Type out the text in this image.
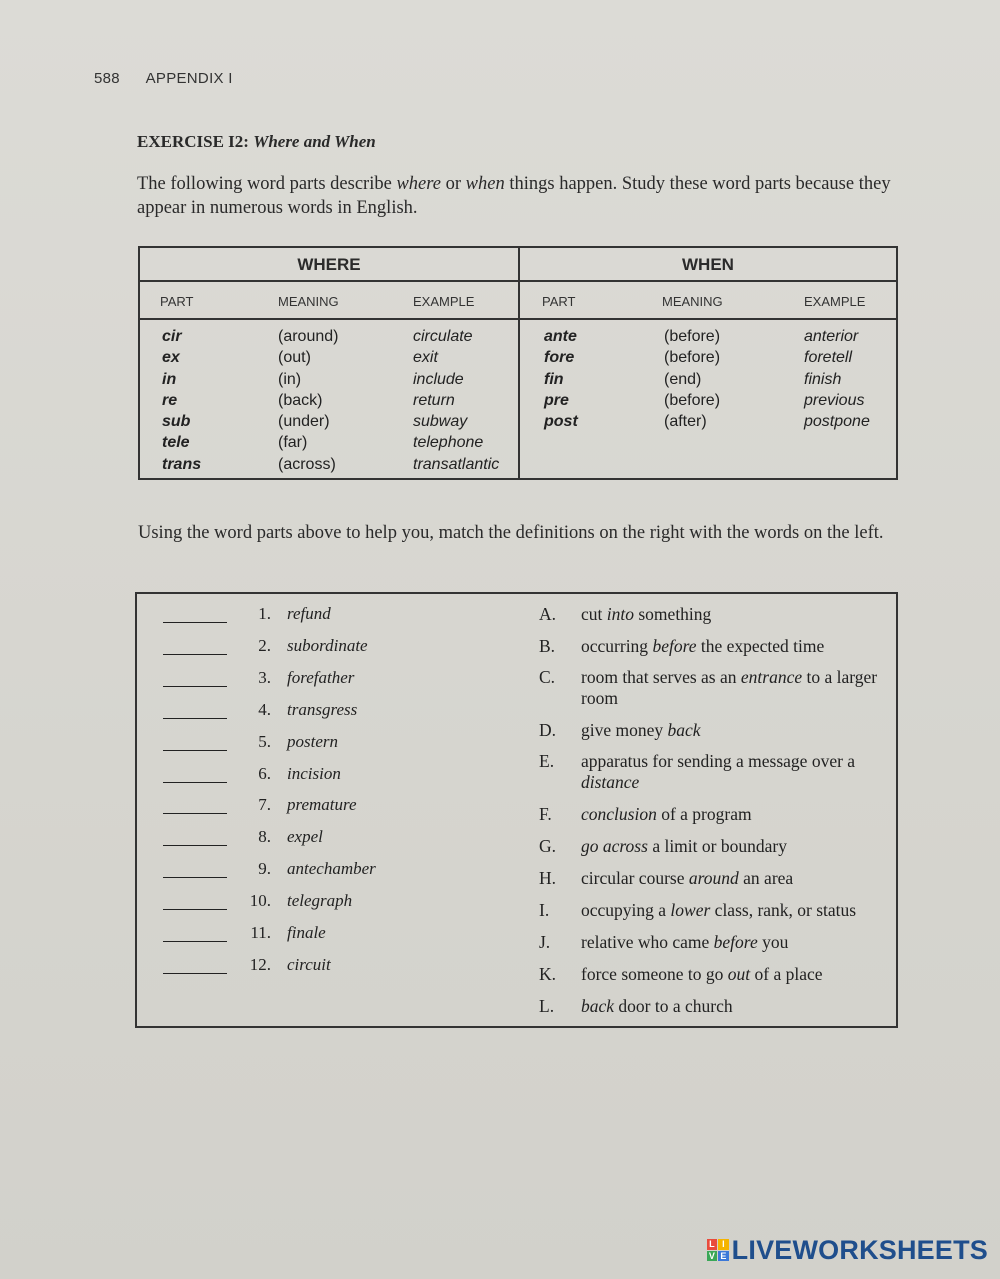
588 APPENDIX I
EXERCISE I2: Where and When
The following word parts describe where or when things happen. Study these word parts because they appear in numerous words in English.
WHERE
PART	MEANING	EXAMPLE
cir	(around)	circulate
ex	(out)	exit
in	(in)	include
re	(back)	return
sub	(under)	subway
tele	(far)	telephone
trans	(across)	transatlantic
WHEN
PART	MEANING	EXAMPLE
ante	(before)	anterior
fore	(before)	foretell
fin	(end)	finish
pre	(before)	previous
post	(after)	postpone
Using the word parts above to help you, match the definitions on the right with the words on the left.
1. refund
2. subordinate
3. forefather
4. transgress
5. postern
6. incision
7. premature
8. expel
9. antechamber
10. telegraph
11. finale
12. circuit
A.	cut into something
B.	occurring before the expected time
C.	room that serves as an entrance to a larger room
D.	give money back
E.	apparatus for sending a message over a distance
F.	conclusion of a program
G.	go across a limit or boundary
H.	circular course around an area
I.	occupying a lower class, rank, or status
J.	relative who came before you
K.	force someone to go out of a place
L.	back door to a church
L I
V E LIVEWORKSHEETS
